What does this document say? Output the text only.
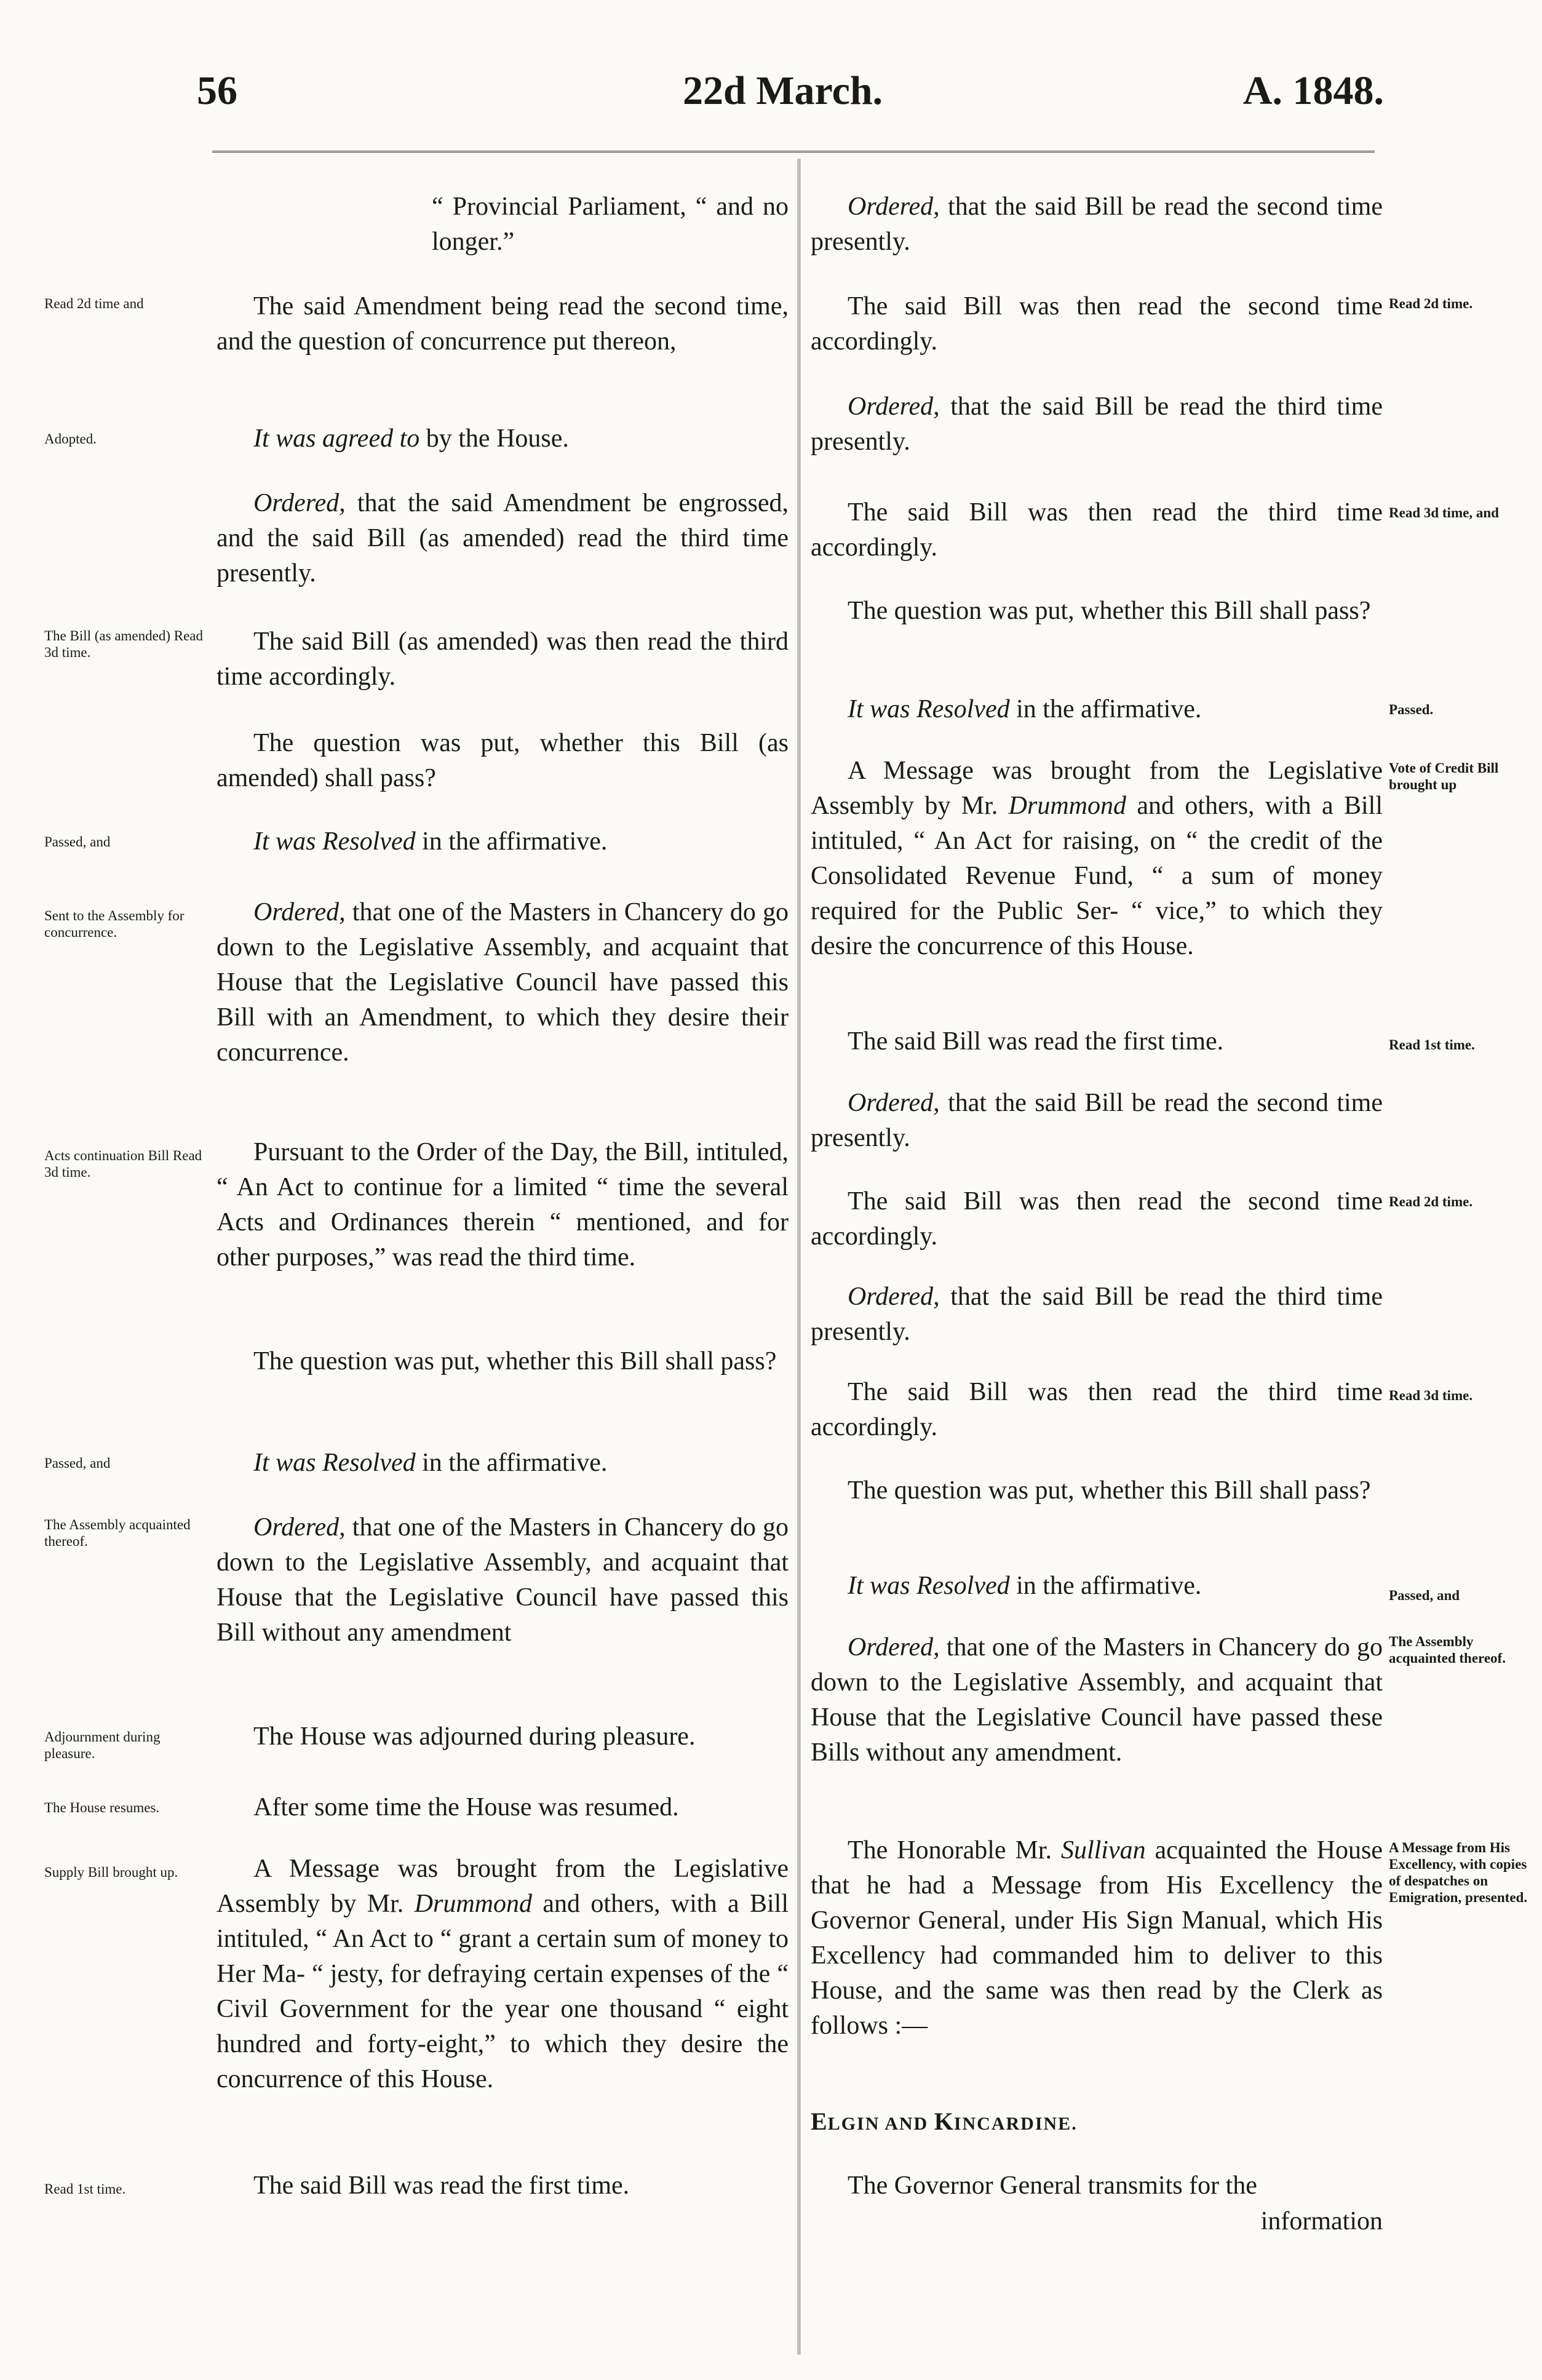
56	22d March.	A. 1848.
Read 2d time and
Adopted.
The Bill (as amended) Read 3d time.
Passed, and
Sent to the Assembly for concurrence.
Acts continuation Bill Read 3d time.
Passed, and
The Assembly acquainted thereof.
Adjournment during pleasure.
The House resumes.
Supply Bill brought up.
Read 1st time.
“ Provincial Parliament, “ and no longer.”
The said Amendment being read the second time, and the question of concurrence put thereon,
It was agreed to by the House.
Ordered, that the said Amendment be engrossed, and the said Bill (as amended) read the third time presently.
The said Bill (as amended) was then read the third time accordingly.
The question was put, whether this Bill (as amended) shall pass?
It was Resolved in the affirmative.
Ordered, that one of the Masters in Chancery do go down to the Legislative Assembly, and acquaint that House that the Legislative Council have passed this Bill with an Amendment, to which they desire their concurrence.
Pursuant to the Order of the Day, the Bill, intituled, “ An Act to continue for a limited “ time the several Acts and Ordinances therein “ mentioned, and for other purposes,” was read the third time.
The question was put, whether this Bill shall pass?
It was Resolved in the affirmative.
Ordered, that one of the Masters in Chancery do go down to the Legislative Assembly, and acquaint that House that the Legislative Council have passed this Bill without any amendment
The House was adjourned during pleasure.
After some time the House was resumed.
A Message was brought from the Legislative Assembly by Mr. Drummond and others, with a Bill intituled, “ An Act to “ grant a certain sum of money to Her Ma- “ jesty, for defraying certain expenses of the “ Civil Government for the year one thousand “ eight hundred and forty-eight,” to which they desire the concurrence of this House.
The said Bill was read the first time.
Ordered, that the said Bill be read the second time presently.
The said Bill was then read the second time accordingly.
Ordered, that the said Bill be read the third time presently.
The said Bill was then read the third time accordingly.
The question was put, whether this Bill shall pass?
It was Resolved in the affirmative.
A Message was brought from the Legislative Assembly by Mr. Drummond and others, with a Bill intituled, “ An Act for raising, on “ the credit of the Consolidated Revenue Fund, “ a sum of money required for the Public Ser- “ vice,” to which they desire the concurrence of this House.
The said Bill was read the first time.
Ordered, that the said Bill be read the second time presently.
The said Bill was then read the second time accordingly.
Ordered, that the said Bill be read the third time presently.
The said Bill was then read the third time accordingly.
The question was put, whether this Bill shall pass?
It was Resolved in the affirmative.
Ordered, that one of the Masters in Chancery do go down to the Legislative Assembly, and acquaint that House that the Legislative Council have passed these Bills without any amendment.
The Honorable Mr. Sullivan acquainted the House that he had a Message from His Excellency the Governor General, under His Sign Manual, which His Excellency had commanded him to deliver to this House, and the same was then read by the Clerk as follows :—
ELGIN AND KINCARDINE.
The Governor General transmits for the
information
Read 2d time.
Read 3d time, and
Passed.
Vote of Credit Bill brought up
Read 1st time.
Read 2d time.
Read 3d time.
Passed, and
The Assembly acquainted thereof.
A Message from His Excellency, with copies of despatches on Emigration, presented.
